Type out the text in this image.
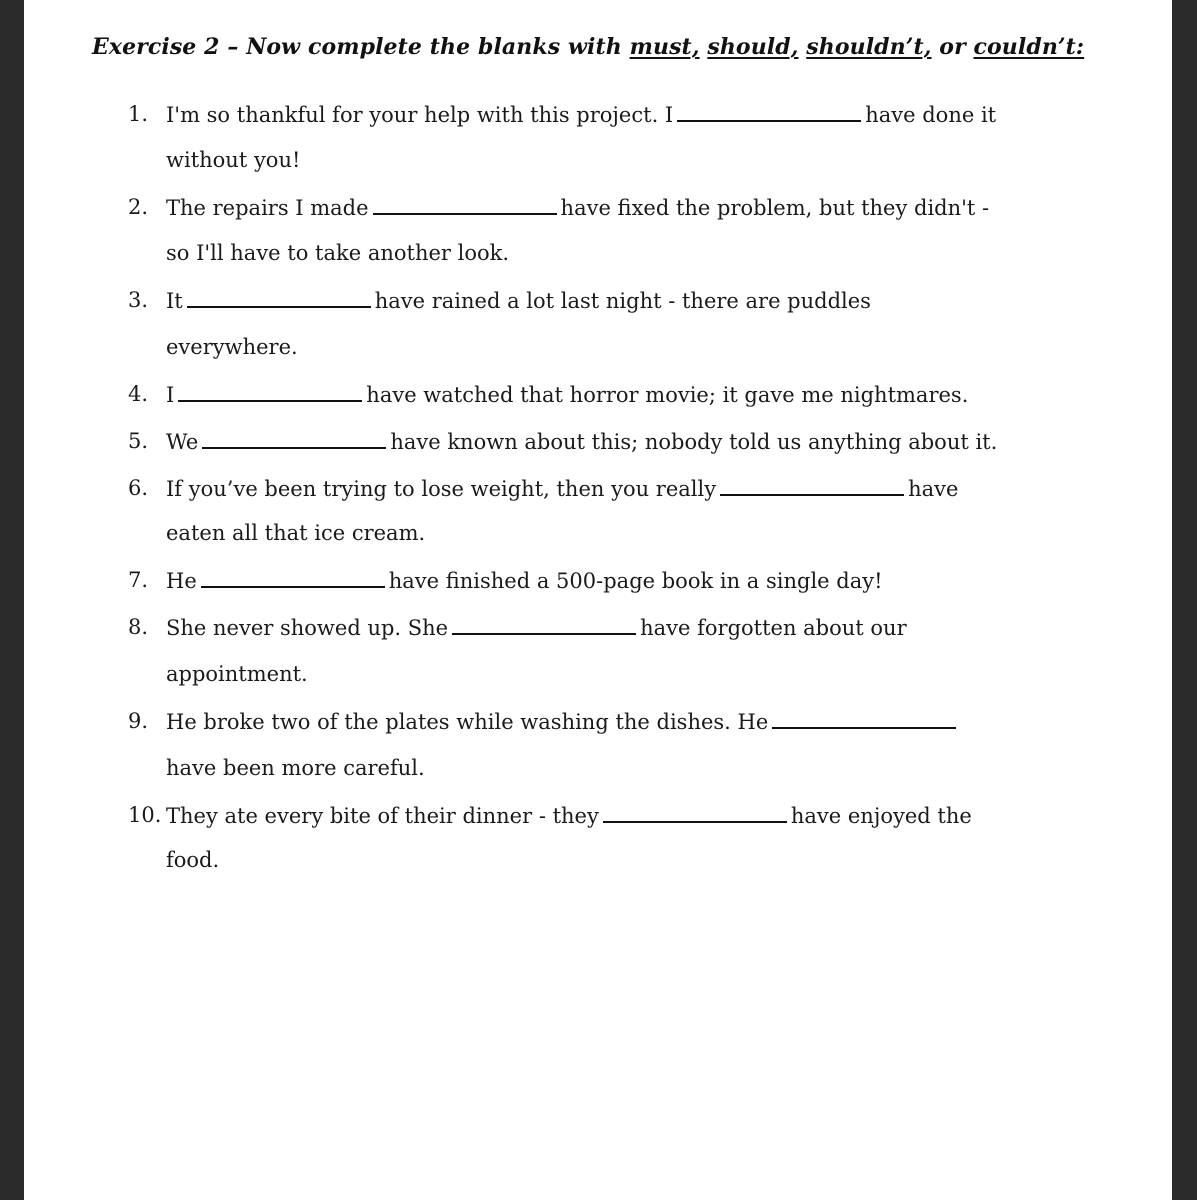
Exercise 2 – Now complete the blanks with must, should, shouldn’t, or couldn’t:
1. I'm so thankful for your help with this project. I	have done it
without you!
2. The repairs I made	have fixed the problem, but they didn't -
so I'll have to take another look.
3. It	have rained a lot last night - there are puddles
everywhere.
4. I	have watched that horror movie; it gave me nightmares.
5. We	have known about this; nobody told us anything about it.
6. If you’ve been trying to lose weight, then you really	have
eaten all that ice cream.
7. He	have finished a 500-page book in a single day!
8. She never showed up. She	have forgotten about our
appointment.
9. He broke two of the plates while washing the dishes. He
have been more careful.
10. They ate every bite of their dinner - they	have enjoyed the
food.
